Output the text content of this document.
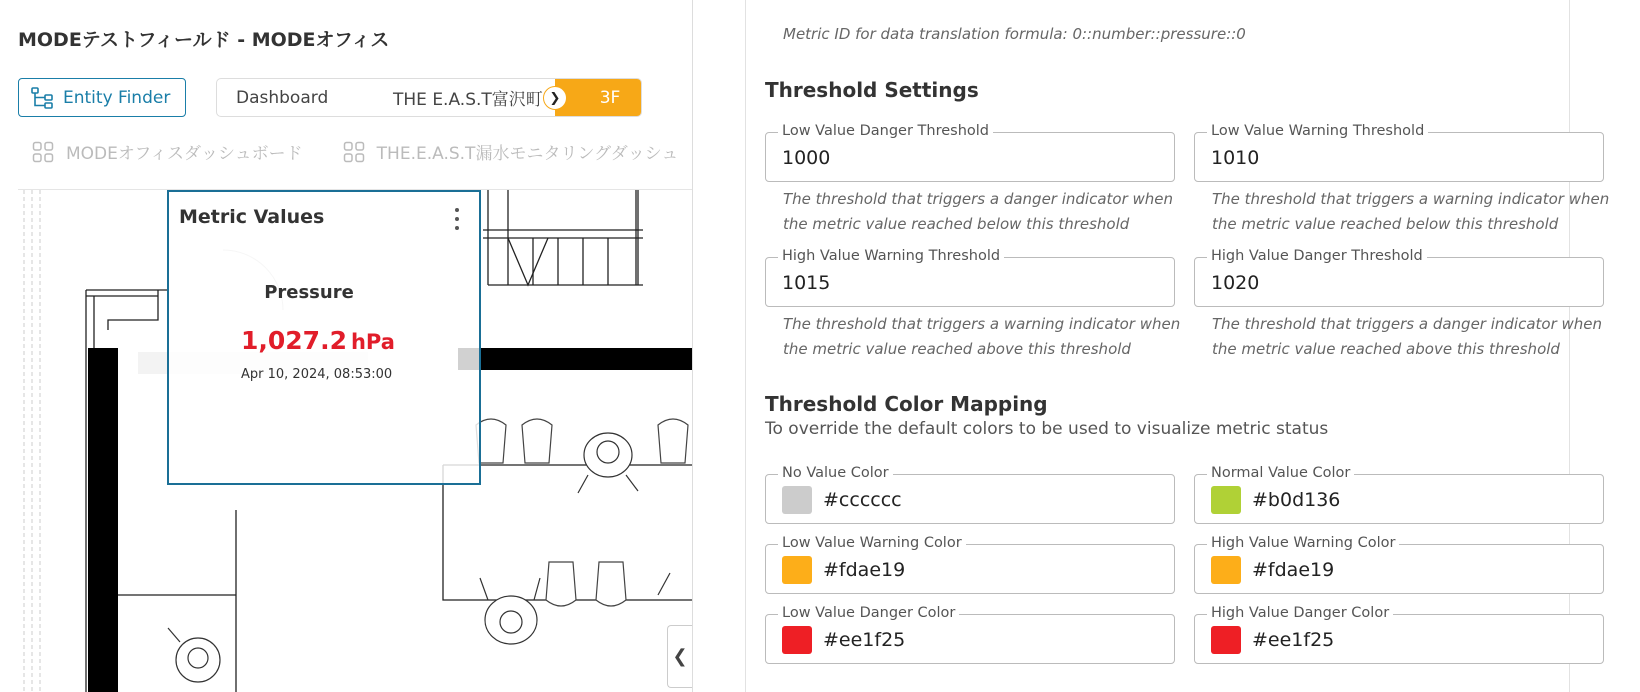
MODEテストフィールド - MODEオフィス
Entity Finder	Dashboard	THE E.A.S.T富沢町	3F
❯
MODEオフィスダッシュボード	THE.E.A.S.T漏水モニタリングダッシュ
Metric Values
Pressure
1,027.2 hPa
Apr 10, 2024, 08:53:00
❮
Metric ID for data translation formula: 0::number::pressure::0
Threshold Settings
Low Value Danger Threshold
1000
The threshold that triggers a danger indicator when
the metric value reached below this threshold
Low Value Warning Threshold
1010
The threshold that triggers a warning indicator when
the metric value reached below this threshold
High Value Warning Threshold
1015
The threshold that triggers a warning indicator when
the metric value reached above this threshold
High Value Danger Threshold
1020
The threshold that triggers a danger indicator when
the metric value reached above this threshold
Threshold Color Mapping
To override the default colors to be used to visualize metric status
No Value Color
#cccccc
Normal Value Color
#b0d136
Low Value Warning Color
#fdae19
High Value Warning Color
#fdae19
Low Value Danger Color
#ee1f25
High Value Danger Color
#ee1f25
